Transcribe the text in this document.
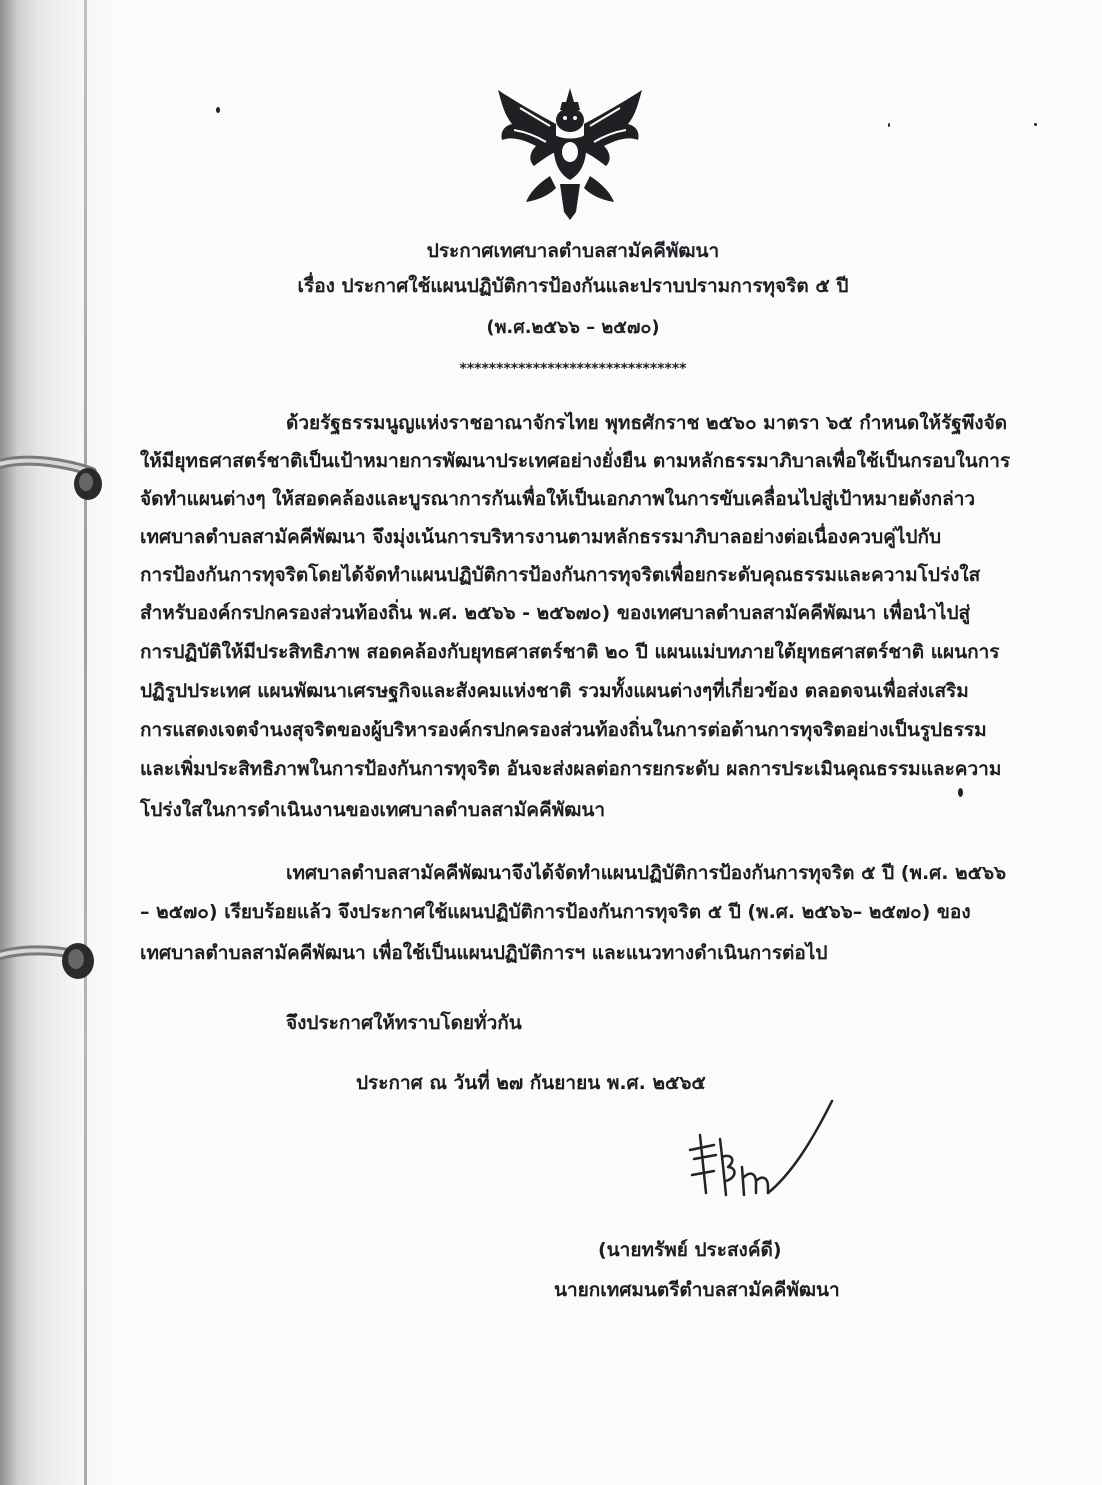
ประกาศเทศบาลตำบลสามัคคีพัฒนา
เรื่อง ประกาศใช้แผนปฏิบัติการป้องกันและปราบปรามการทุจริต ๕ ปี
(พ.ศ.๒๕๖๖ – ๒๕๗๐)
*******************************
ด้วยรัฐธรรมนูญแห่งราชอาณาจักรไทย พุทธศักราช ๒๕๖๐ มาตรา ๖๕ กำหนดให้รัฐพึงจัด
ให้มียุทธศาสตร์ชาติเป็นเป้าหมายการพัฒนาประเทศอย่างยั่งยืน ตามหลักธรรมาภิบาลเพื่อใช้เป็นกรอบในการ
จัดทำแผนต่างๆ ให้สอดคล้องและบูรณาการกันเพื่อให้เป็นเอกภาพในการขับเคลื่อนไปสู่เป้าหมายดังกล่าว
เทศบาลตำบลสามัคคีพัฒนา จึงมุ่งเน้นการบริหารงานตามหลักธรรมาภิบาลอย่างต่อเนื่องควบคู่ไปกับ
การป้องกันการทุจริตโดยได้จัดทำแผนปฏิบัติการป้องกันการทุจริตเพื่อยกระดับคุณธรรมและความโปร่งใส
สำหรับองค์กรปกครองส่วนท้องถิ่น พ.ศ. ๒๕๖๖ - ๒๕๖๗๐) ของเทศบาลตำบลสามัคคีพัฒนา เพื่อนำไปสู่
การปฏิบัติให้มีประสิทธิภาพ สอดคล้องกับยุทธศาสตร์ชาติ ๒๐ ปี แผนแม่บทภายใต้ยุทธศาสตร์ชาติ แผนการ
ปฏิรูปประเทศ แผนพัฒนาเศรษฐกิจและสังคมแห่งชาติ รวมทั้งแผนต่างๆที่เกี่ยวข้อง ตลอดจนเพื่อส่งเสริม
การแสดงเจตจำนงสุจริตของผู้บริหารองค์กรปกครองส่วนท้องถิ่นในการต่อต้านการทุจริตอย่างเป็นรูปธรรม
และเพิ่มประสิทธิภาพในการป้องกันการทุจริต อันจะส่งผลต่อการยกระดับ ผลการประเมินคุณธรรมและความ
โปร่งใสในการดำเนินงานของเทศบาลตำบลสามัคคีพัฒนา
เทศบาลตำบลสามัคคีพัฒนาจึงได้จัดทำแผนปฏิบัติการป้องกันการทุจริต ๕ ปี (พ.ศ. ๒๕๖๖
– ๒๕๗๐) เรียบร้อยแล้ว จึงประกาศใช้แผนปฏิบัติการป้องกันการทุจริต ๕ ปี (พ.ศ. ๒๕๖๖– ๒๕๗๐) ของ
เทศบาลตำบลสามัคคีพัฒนา เพื่อใช้เป็นแผนปฏิบัติการฯ และแนวทางดำเนินการต่อไป
จึงประกาศให้ทราบโดยทั่วกัน
ประกาศ ณ วันที่ ๒๗ กันยายน พ.ศ. ๒๕๖๕
(นายทรัพย์ ประสงค์ดี)
นายกเทศมนตรีตำบลสามัคคีพัฒนา
